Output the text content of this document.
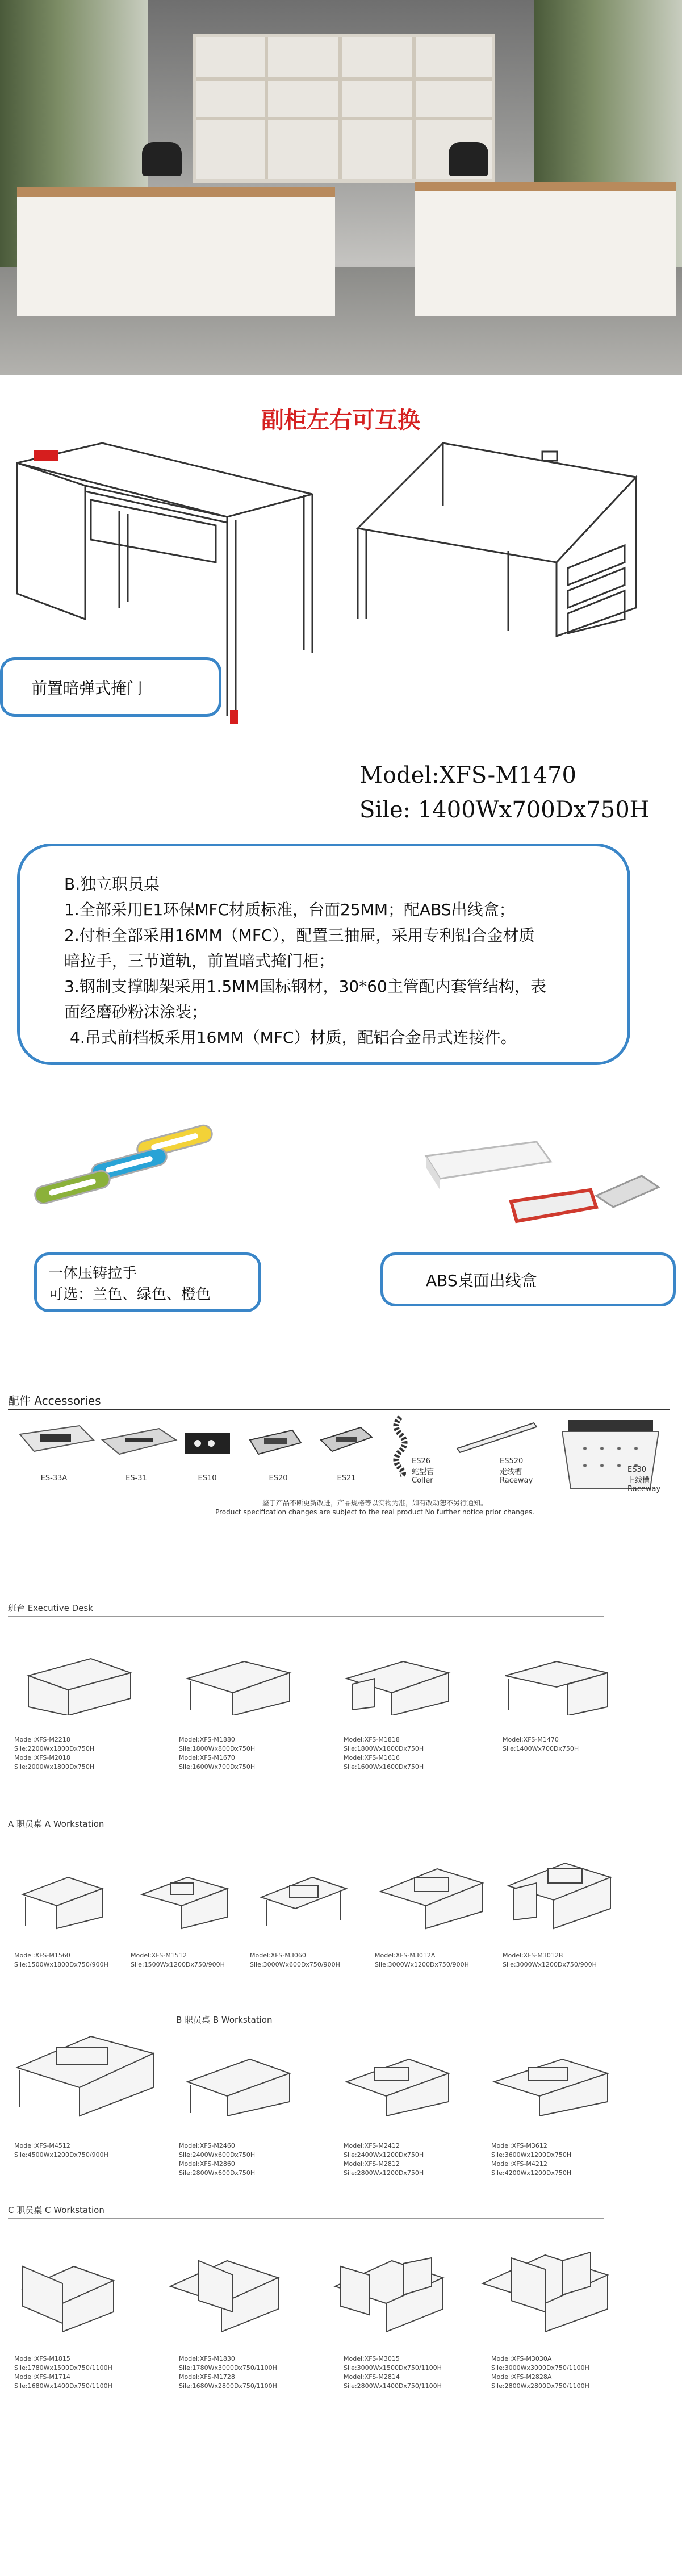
副柜左右可互换
前置暗弹式掩门
Model:XFS-M1470
Sile: 1400Wx700Dx750H
B.独立职员桌
1.全部采用E1环保MFC材质标准，台面25MM；配ABS出线盒；
2.付柜全部采用16MM（MFC），配置三抽屉，采用专利铝合金材质
暗拉手，三节道轨，前置暗式掩门柜；
3.钢制支撑脚架采用1.5MM国标钢材，30*60主管配内套管结构，表
面经磨砂粉沫涂装；
4.吊式前档板采用16MM（MFC）材质，配铝合金吊式连接件。
一体压铸拉手
可选：兰色、绿色、橙色
ABS桌面出线盒
配件 Accessories
ES-33A	ES-31	ES10	ES20	ES21
ES26
蛇型管
Coller
ES520
走线槽
Raceway
ES30
上线槽
Raceway
鉴于产品不断更新改进，产品规格等以实物为准，如有改动恕不另行通知。
Product specification changes are subject to the real product No further notice prior changes.
班台 Executive Desk
Model:XFS-M2218
Sile:2200Wx1800Dx750H
Model:XFS-M2018
Sile:2000Wx1800Dx750H
Model:XFS-M1880
Sile:1800Wx800Dx750H
Model:XFS-M1670
Sile:1600Wx700Dx750H
Model:XFS-M1818
Sile:1800Wx1800Dx750H
Model:XFS-M1616
Sile:1600Wx1600Dx750H
Model:XFS-M1470
Sile:1400Wx700Dx750H
A 职员桌 A Workstation
Model:XFS-M1560
Sile:1500Wx1800Dx750/900H
Model:XFS-M1512
Sile:1500Wx1200Dx750/900H
Model:XFS-M3060
Sile:3000Wx600Dx750/900H
Model:XFS-M3012A
Sile:3000Wx1200Dx750/900H
Model:XFS-M3012B
Sile:3000Wx1200Dx750/900H
Model:XFS-M4512
Sile:4500Wx1200Dx750/900H
B 职员桌 B Workstation
Model:XFS-M2460
Sile:2400Wx600Dx750H
Model:XFS-M2860
Sile:2800Wx600Dx750H
Model:XFS-M2412
Sile:2400Wx1200Dx750H
Model:XFS-M2812
Sile:2800Wx1200Dx750H
Model:XFS-M3612
Sile:3600Wx1200Dx750H
Model:XFS-M4212
Sile:4200Wx1200Dx750H
C 职员桌 C Workstation
Model:XFS-M1815
Sile:1780Wx1500Dx750/1100H
Model:XFS-M1714
Sile:1680Wx1400Dx750/1100H
Model:XFS-M1830
Sile:1780Wx3000Dx750/1100H
Model:XFS-M1728
Sile:1680Wx2800Dx750/1100H
Model:XFS-M3015
Sile:3000Wx1500Dx750/1100H
Model:XFS-M2814
Sile:2800Wx1400Dx750/1100H
Model:XFS-M3030A
Sile:3000Wx3000Dx750/1100H
Model:XFS-M2828A
Sile:2800Wx2800Dx750/1100H
